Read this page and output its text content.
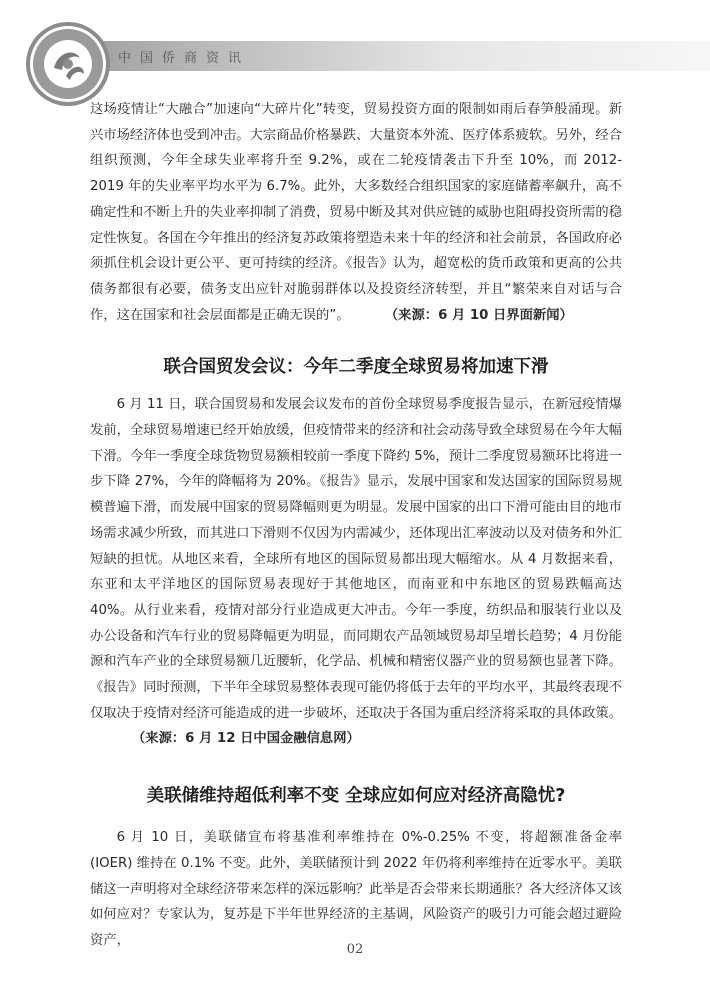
中国侨商资讯

这场疫情让“大融合”加速向“大碎片化”转变，贸易投资方面的限制如雨后春笋般涌现。新兴市场经济体也受到冲击。大宗商品价格暴跌、大量资本外流、医疗体系疲软。另外，经合组织预测，今年全球失业率将升至 9.2%，或在二轮疫情袭击下升至 10%，而 2012-2019 年的失业率平均水平为 6.7%。此外，大多数经合组织国家的家庭储蓄率飙升，高不确定性和不断上升的失业率抑制了消费，贸易中断及其对供应链的威胁也阻碍投资所需的稳定性恢复。各国在今年推出的经济复苏政策将塑造未来十年的经济和社会前景，各国政府必须抓住机会设计更公平、更可持续的经济。《报告》认为，超宽松的货币政策和更高的公共债务都很有必要，债务支出应针对脆弱群体以及投资经济转型，并且“繁荣来自对话与合作，这在国家和社会层面都是正确无误的”。	（来源：6 月 10 日界面新闻）

联合国贸发会议：今年二季度全球贸易将加速下滑

6 月 11 日，联合国贸易和发展会议发布的首份全球贸易季度报告显示，在新冠疫情爆发前，全球贸易增速已经开始放缓，但疫情带来的经济和社会动荡导致全球贸易在今年大幅下滑。今年一季度全球货物贸易额相较前一季度下降约 5%，预计二季度贸易额环比将进一步下降 27%，今年的降幅将为 20%。《报告》显示，发展中国家和发达国家的国际贸易规模普遍下滑，而发展中国家的贸易降幅则更为明显。发展中国家的出口下滑可能由目的地市场需求减少所致，而其进口下滑则不仅因为内需减少，还体现出汇率波动以及对债务和外汇短缺的担忧。从地区来看，全球所有地区的国际贸易都出现大幅缩水。从 4 月数据来看，东亚和太平洋地区的国际贸易表现好于其他地区，而南亚和中东地区的贸易跌幅高达 40%。从行业来看，疫情对部分行业造成更大冲击。今年一季度，纺织品和服装行业以及办公设备和汽车行业的贸易降幅更为明显，而同期农产品领域贸易却呈增长趋势；4 月份能源和汽车产业的全球贸易额几近腰斩，化学品、机械和精密仪器产业的贸易额也显著下降。《报告》同时预测，下半年全球贸易整体表现可能仍将低于去年的平均水平，其最终表现不仅取决于疫情对经济可能造成的进一步破坏，还取决于各国为重启经济将采取的具体政策。（来源：6 月 12 日中国金融信息网）

美联储维持超低利率不变 全球应如何应对经济高隐忧?

6 月 10 日，美联储宣布将基准利率维持在 0%-0.25% 不变，将超额准备金率 (IOER) 维持在 0.1% 不变。此外，美联储预计到 2022 年仍将利率维持在近零水平。美联储这一声明将对全球经济带来怎样的深远影响？此举是否会带来长期通胀？各大经济体又该如何应对？专家认为，复苏是下半年世界经济的主基调，风险资产的吸引力可能会超过避险资产，

02
